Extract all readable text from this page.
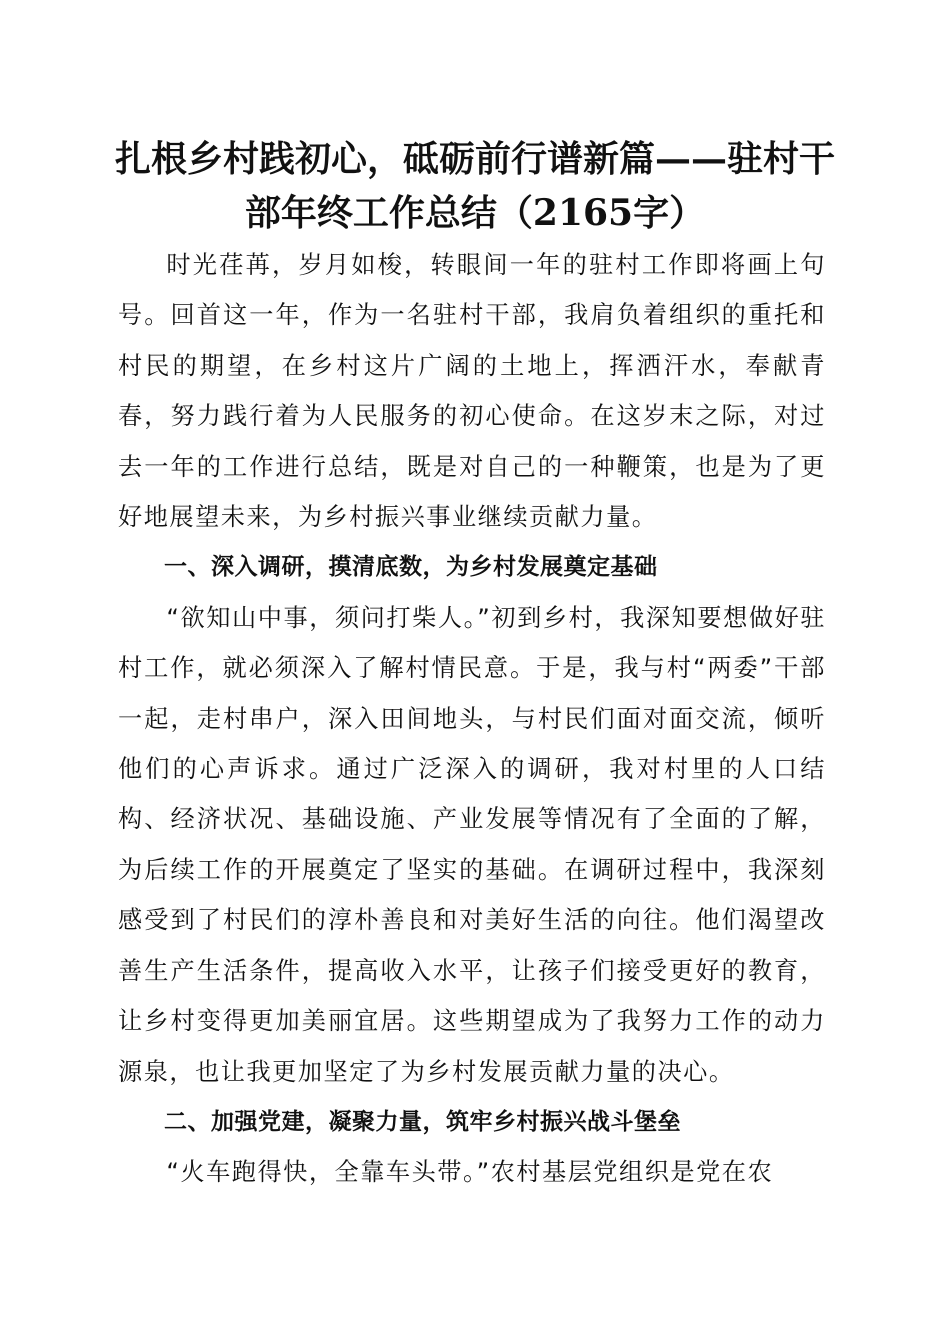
扎根乡村践初心，砥砺前行谱新篇——驻村干部年终工作总结（2165字）

时光荏苒，岁月如梭，转眼间一年的驻村工作即将画上句号。回首这一年，作为一名驻村干部，我肩负着组织的重托和村民的期望，在乡村这片广阔的土地上，挥洒汗水，奉献青春，努力践行着为人民服务的初心使命。在这岁末之际，对过去一年的工作进行总结，既是对自己的一种鞭策，也是为了更好地展望未来，为乡村振兴事业继续贡献力量。

一、深入调研，摸清底数，为乡村发展奠定基础

“欲知山中事，须问打柴人。”初到乡村，我深知要想做好驻村工作，就必须深入了解村情民意。于是，我与村“两委”干部一起，走村串户，深入田间地头，与村民们面对面交流，倾听他们的心声诉求。通过广泛深入的调研，我对村里的人口结构、经济状况、基础设施、产业发展等情况有了全面的了解，为后续工作的开展奠定了坚实的基础。在调研过程中，我深刻感受到了村民们的淳朴善良和对美好生活的向往。他们渴望改善生产生活条件，提高收入水平，让孩子们接受更好的教育，让乡村变得更加美丽宜居。这些期望成为了我努力工作的动力源泉，也让我更加坚定了为乡村发展贡献力量的决心。

二、加强党建，凝聚力量，筑牢乡村振兴战斗堡垒

“火车跑得快，全靠车头带。”农村基层党组织是党在农
